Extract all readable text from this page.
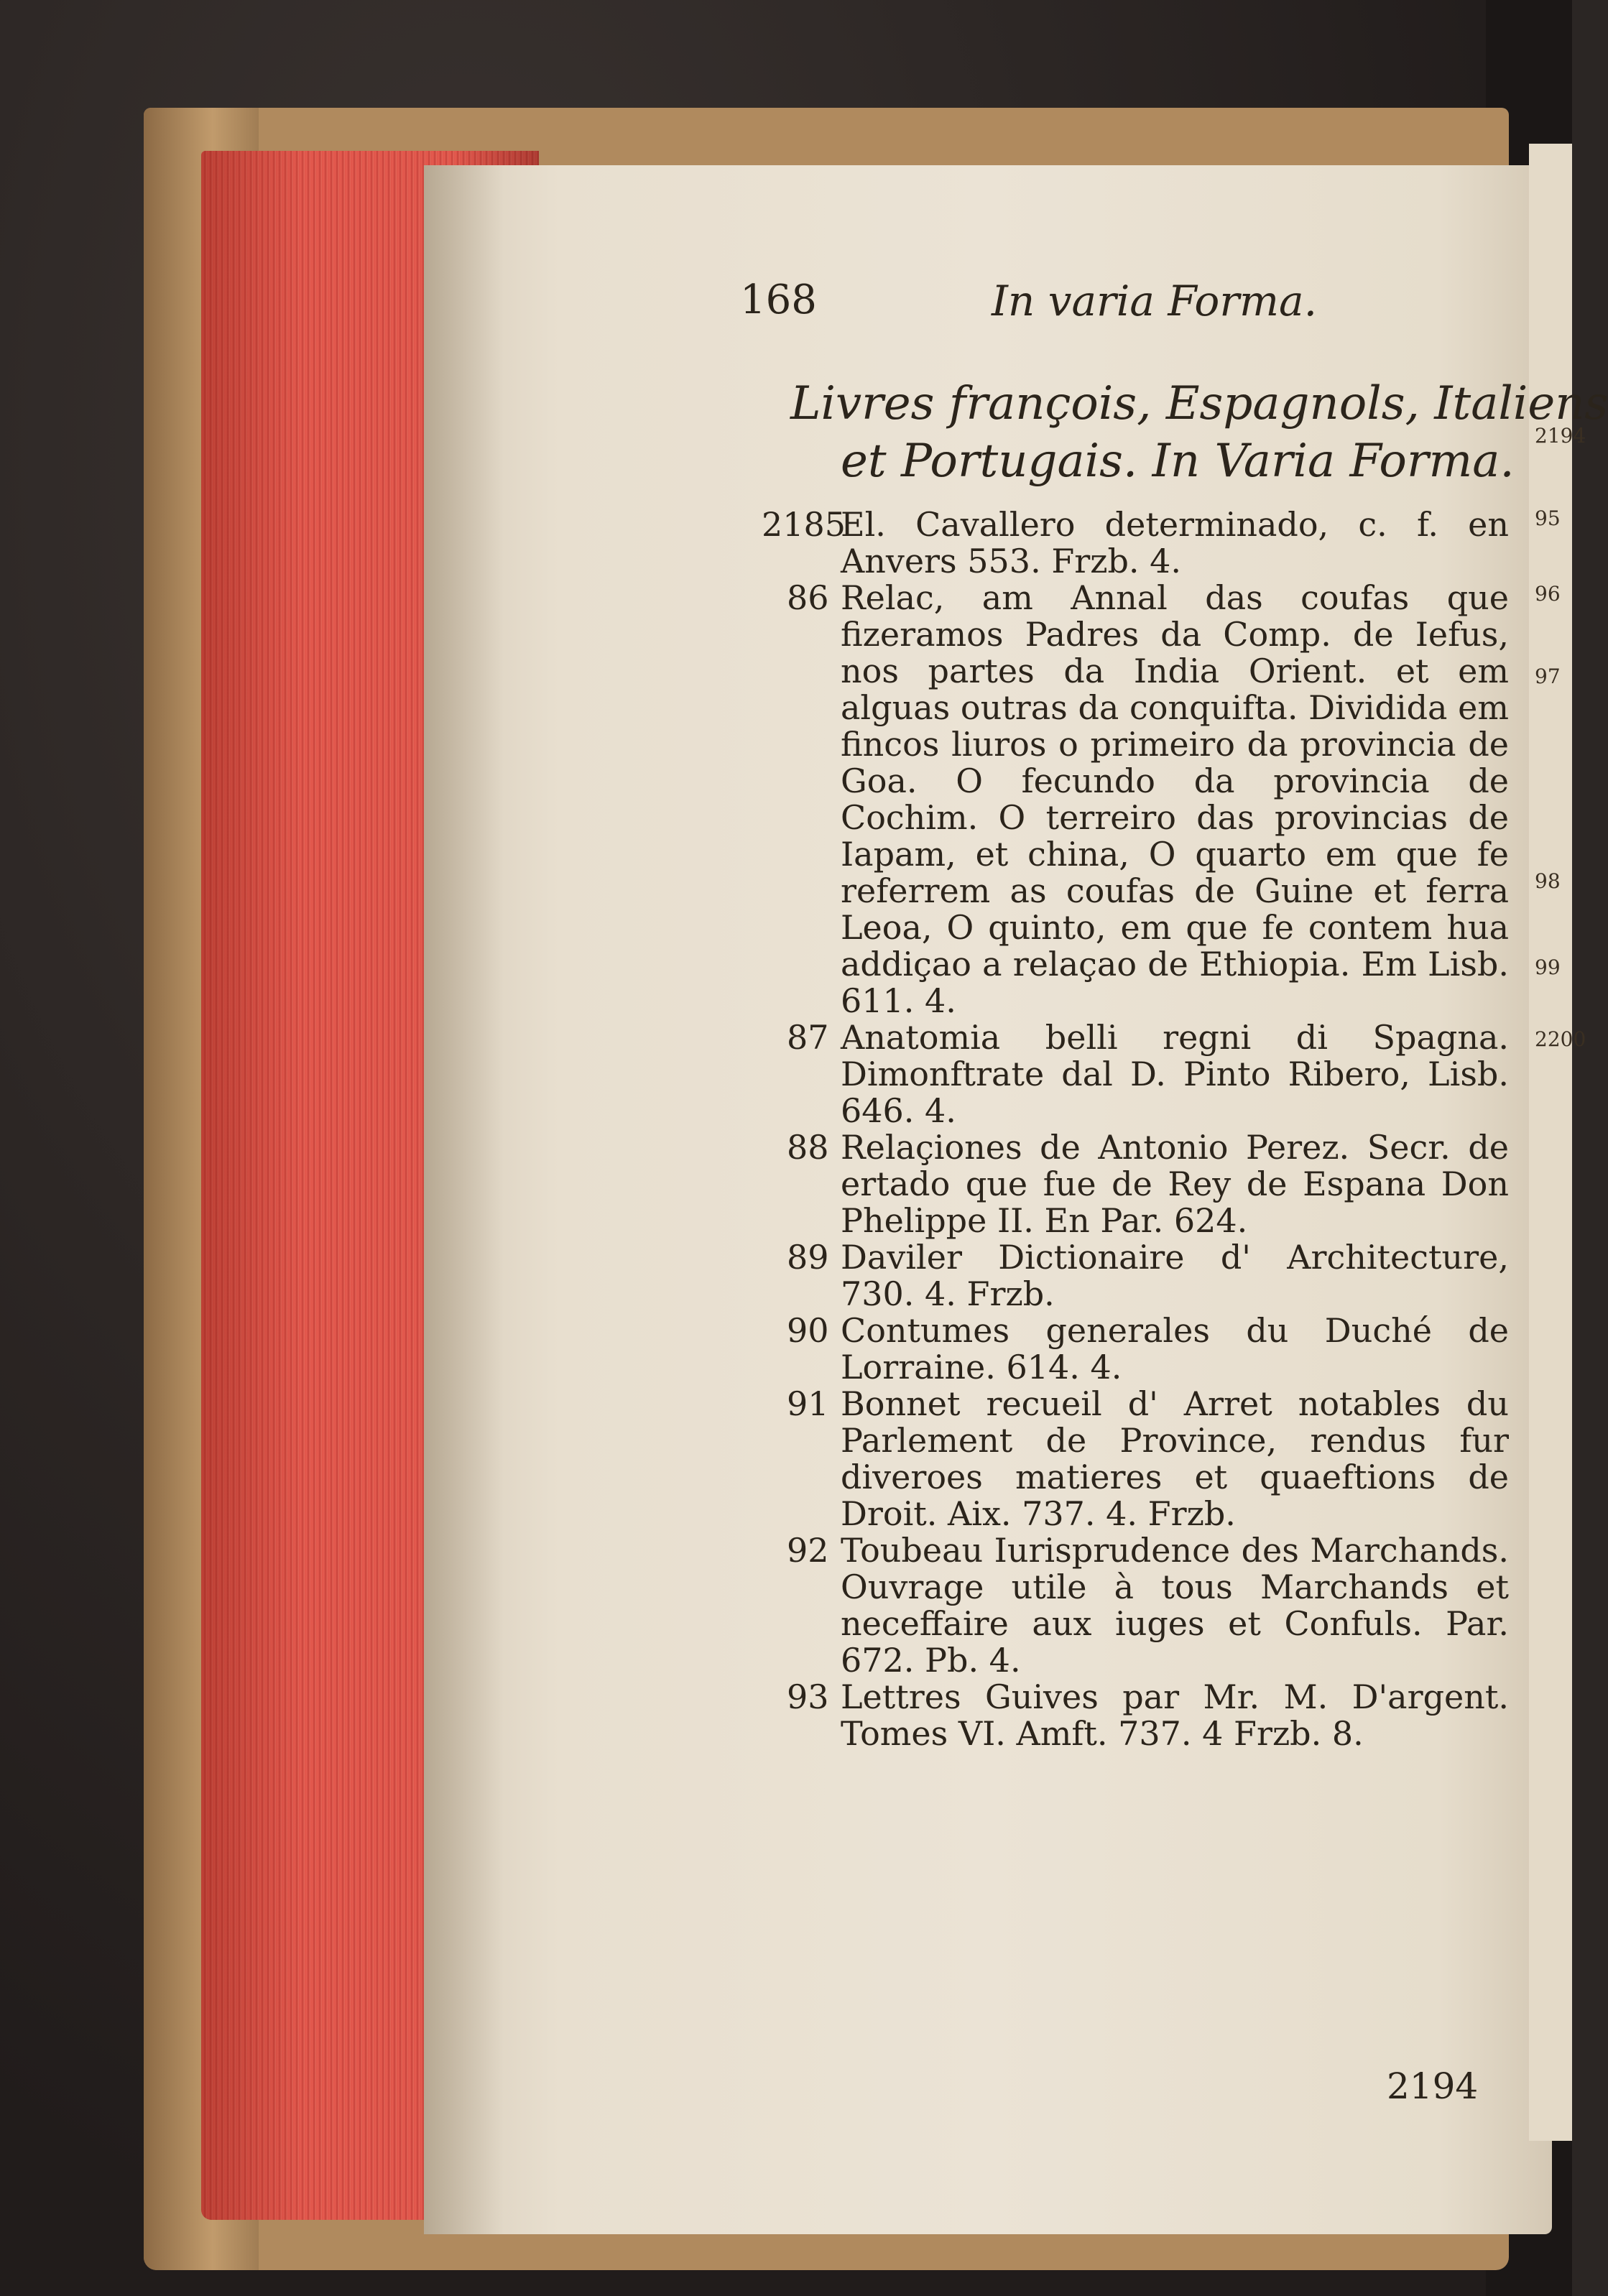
2194
95
96
97
98
99
2200
168	In varia Forma.
Livres françois, Espagnols, Italiens
et Portugais. In Varia Forma.
2185
El. Cavallero determinado, c. f. en Anvers 553. Frzb. 4.
86 Relac, am Annal das coufas que fizeramos Padres da Comp. de Iefus, nos partes da India Orient. et em alguas outras da conquifta. Dividida em fincos liuros o primeiro da provincia de Goa. O fecundo da provincia de Cochim. O terreiro das provincias de Iapam, et china, O quarto em que fe referrem as coufas de Guine et ferra Leoa, O quinto, em que fe contem hua addiçao a relaçao de Ethiopia. Em Lisb. 611. 4.
87 Anatomia belli regni di Spagna. Dimonftrate dal D. Pinto Ribero, Lisb. 646. 4.
88 Relaçiones de Antonio Perez. Secr. de ertado que fue de Rey de Espana Don Phelippe II. En Par. 624.
89 Daviler Dictionaire d' Architecture, 730. 4. Frzb.
90 Contumes generales du Duché de Lorraine. 614. 4.
91 Bonnet recueil d' Arret notables du Parlement de Province, rendus fur diveroes matieres et quaeftions de Droit. Aix. 737. 4. Frzb.
92 Toubeau Iurisprudence des Marchands. Ouvrage utile à tous Marchands et neceffaire aux iuges et Confuls. Par. 672. Pb. 4.
93 Lettres Guives par Mr. M. D'argent. Tomes VI. Amft. 737. 4 Frzb. 8.
2194
